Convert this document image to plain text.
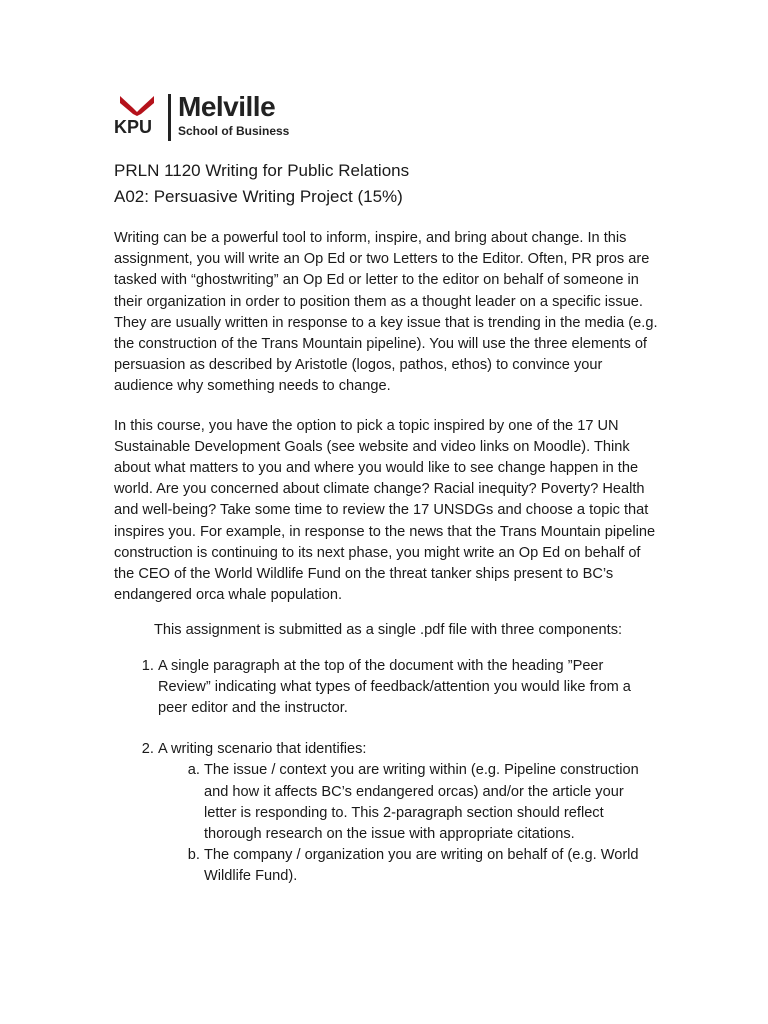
KPU
Melville
School of Business
PRLN 1120 Writing for Public Relations
A02: Persuasive Writing Project (15%)

Writing can be a powerful tool to inform, inspire, and bring about change. In this assignment, you will write an Op Ed or two Letters to the Editor. Often, PR pros are tasked with “ghostwriting” an Op Ed or letter to the editor on behalf of someone in their organization in order to position them as a thought leader on a specific issue. They are usually written in response to a key issue that is trending in the media (e.g. the construction of the Trans Mountain pipeline). You will use the three elements of persuasion as described by Aristotle (logos, pathos, ethos) to convince your audience why something needs to change.

In this course, you have the option to pick a topic inspired by one of the 17 UN Sustainable Development Goals (see website and video links on Moodle). Think about what matters to you and where you would like to see change happen in the world. Are you concerned about climate change? Racial inequity? Poverty? Health and well-being? Take some time to review the 17 UNSDGs and choose a topic that inspires you. For example, in response to the news that the Trans Mountain pipeline construction is continuing to its next phase, you might write an Op Ed on behalf of the CEO of the World Wildlife Fund on the threat tanker ships present to BC’s endangered orca whale population.

This assignment is submitted as a single .pdf file with three components:

1. A single paragraph at the top of the document with the heading ”Peer Review” indicating what types of feedback/attention you would like from a peer editor and the instructor.
2. A writing scenario that identifies:
a. The issue / context you are writing within (e.g. Pipeline construction and how it affects BC’s endangered orcas) and/or the article your letter is responding to. This 2-paragraph section should reflect thorough research on the issue with appropriate citations.
b. The company / organization you are writing on behalf of (e.g. World Wildlife Fund).
